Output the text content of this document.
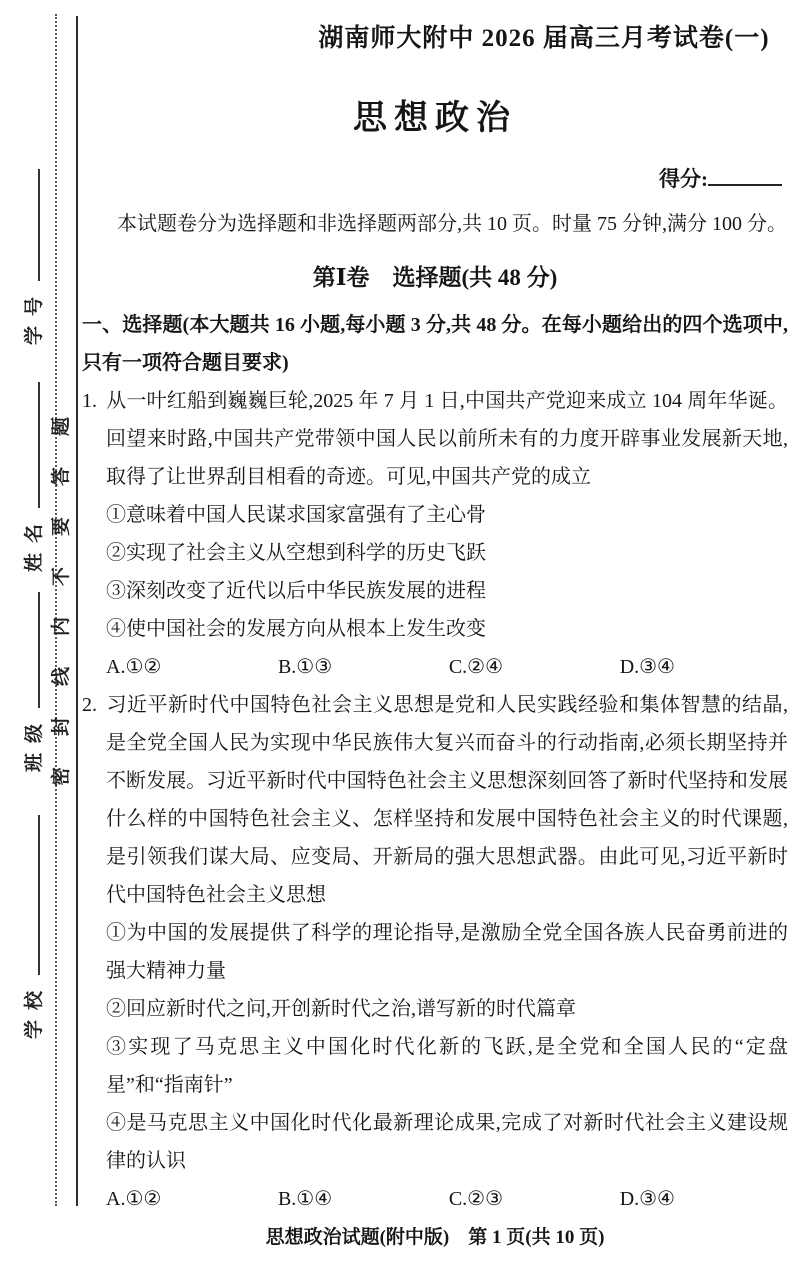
密封线内不要答题
学号
姓名
班级
学校
湖南师大附中 2026 届高三月考试卷(一)
思想政治
得分:
本试题卷分为选择题和非选择题两部分,共 10 页。时量 75 分钟,满分 100 分。
第Ⅰ卷　选择题(共 48 分)
一、选择题(本大题共 16 小题,每小题 3 分,共 48 分。在每小题给出的四个选项中,只有一项符合题目要求)
1. 从一叶红船到巍巍巨轮,2025 年 7 月 1 日,中国共产党迎来成立 104 周年华诞。回望来时路,中国共产党带领中国人民以前所未有的力度开辟事业发展新天地,取得了让世界刮目相看的奇迹。可见,中国共产党的成立
①意味着中国人民谋求国家富强有了主心骨
②实现了社会主义从空想到科学的历史飞跃
③深刻改变了近代以后中华民族发展的进程
④使中国社会的发展方向从根本上发生改变
A.①②	B.①③	C.②④	D.③④
2. 习近平新时代中国特色社会主义思想是党和人民实践经验和集体智慧的结晶,是全党全国人民为实现中华民族伟大复兴而奋斗的行动指南,必须长期坚持并不断发展。习近平新时代中国特色社会主义思想深刻回答了新时代坚持和发展什么样的中国特色社会主义、怎样坚持和发展中国特色社会主义的时代课题,是引领我们谋大局、应变局、开新局的强大思想武器。由此可见,习近平新时代中国特色社会主义思想
①为中国的发展提供了科学的理论指导,是激励全党全国各族人民奋勇前进的强大精神力量
②回应新时代之问,开创新时代之治,谱写新的时代篇章
③实现了马克思主义中国化时代化新的飞跃,是全党和全国人民的“定盘星”和“指南针”
④是马克思主义中国化时代化最新理论成果,完成了对新时代社会主义建设规律的认识
A.①②	B.①④	C.②③	D.③④
思想政治试题(附中版)　第 1 页(共 10 页)
